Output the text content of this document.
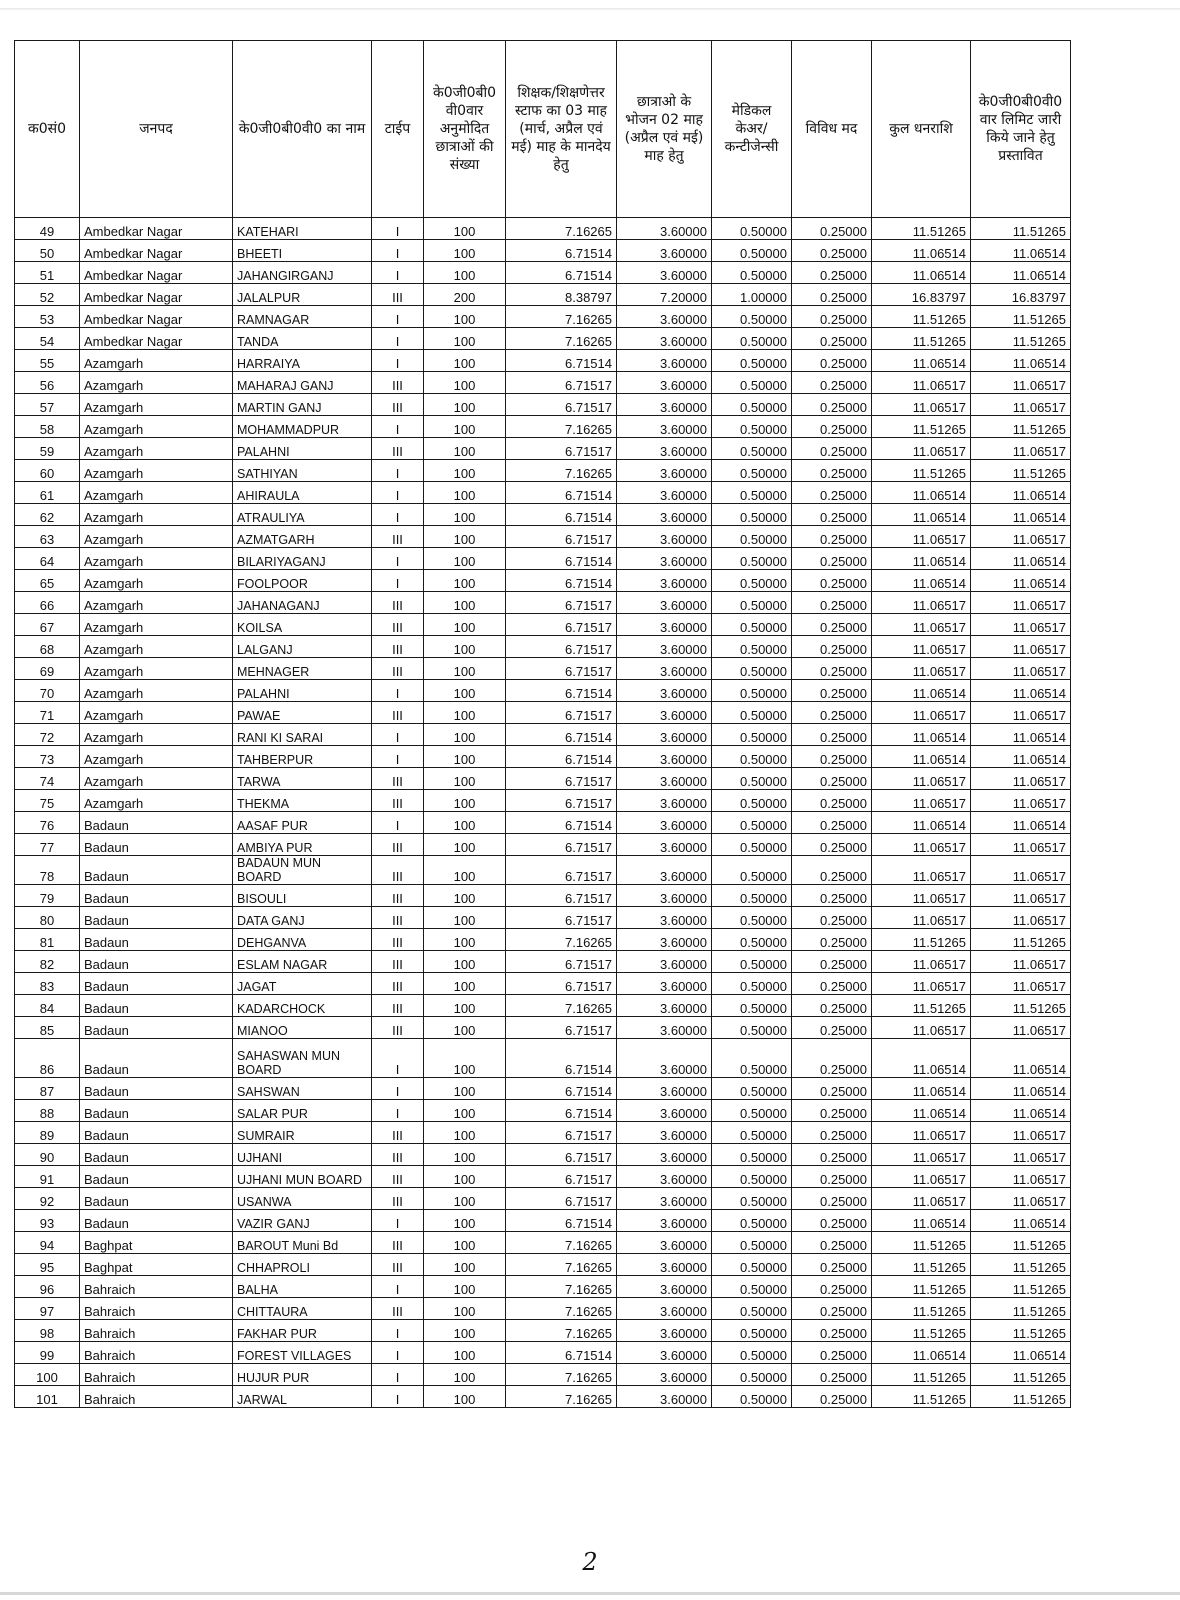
क0सं0	जनपद	के0जी0बी0वी0 का नाम	टाईप	के0जी0बी0 वी0वार अनुमोदित छात्राओं की संख्या	शिक्षक/शिक्षणेत्तर स्टाफ का 03 माह (मार्च, अप्रैल एवं मई) माह के मानदेय हेतु	छात्राओ के भोजन 02 माह (अप्रैल एवं मई) माह हेतु	मेडिकल केअर/ कन्टीजेन्सी	विविध मद	कुल धनराशि	के0जी0बी0वी0 वार लिमिट जारी किये जाने हेतु प्रस्तावित
49	Ambedkar Nagar	KATEHARI	I	100	7.16265	3.60000	0.50000	0.25000	11.51265	11.51265
50	Ambedkar Nagar	BHEETI	I	100	6.71514	3.60000	0.50000	0.25000	11.06514	11.06514
51	Ambedkar Nagar	JAHANGIRGANJ	I	100	6.71514	3.60000	0.50000	0.25000	11.06514	11.06514
52	Ambedkar Nagar	JALALPUR	III	200	8.38797	7.20000	1.00000	0.25000	16.83797	16.83797
53	Ambedkar Nagar	RAMNAGAR	I	100	7.16265	3.60000	0.50000	0.25000	11.51265	11.51265
54	Ambedkar Nagar	TANDA	I	100	7.16265	3.60000	0.50000	0.25000	11.51265	11.51265
55	Azamgarh	HARRAIYA	I	100	6.71514	3.60000	0.50000	0.25000	11.06514	11.06514
56	Azamgarh	MAHARAJ GANJ	III	100	6.71517	3.60000	0.50000	0.25000	11.06517	11.06517
57	Azamgarh	MARTIN GANJ	III	100	6.71517	3.60000	0.50000	0.25000	11.06517	11.06517
58	Azamgarh	MOHAMMADPUR	I	100	7.16265	3.60000	0.50000	0.25000	11.51265	11.51265
59	Azamgarh	PALAHNI	III	100	6.71517	3.60000	0.50000	0.25000	11.06517	11.06517
60	Azamgarh	SATHIYAN	I	100	7.16265	3.60000	0.50000	0.25000	11.51265	11.51265
61	Azamgarh	AHIRAULA	I	100	6.71514	3.60000	0.50000	0.25000	11.06514	11.06514
62	Azamgarh	ATRAULIYA	I	100	6.71514	3.60000	0.50000	0.25000	11.06514	11.06514
63	Azamgarh	AZMATGARH	III	100	6.71517	3.60000	0.50000	0.25000	11.06517	11.06517
64	Azamgarh	BILARIYAGANJ	I	100	6.71514	3.60000	0.50000	0.25000	11.06514	11.06514
65	Azamgarh	FOOLPOOR	I	100	6.71514	3.60000	0.50000	0.25000	11.06514	11.06514
66	Azamgarh	JAHANAGANJ	III	100	6.71517	3.60000	0.50000	0.25000	11.06517	11.06517
67	Azamgarh	KOILSA	III	100	6.71517	3.60000	0.50000	0.25000	11.06517	11.06517
68	Azamgarh	LALGANJ	III	100	6.71517	3.60000	0.50000	0.25000	11.06517	11.06517
69	Azamgarh	MEHNAGER	III	100	6.71517	3.60000	0.50000	0.25000	11.06517	11.06517
70	Azamgarh	PALAHNI	I	100	6.71514	3.60000	0.50000	0.25000	11.06514	11.06514
71	Azamgarh	PAWAE	III	100	6.71517	3.60000	0.50000	0.25000	11.06517	11.06517
72	Azamgarh	RANI KI SARAI	I	100	6.71514	3.60000	0.50000	0.25000	11.06514	11.06514
73	Azamgarh	TAHBERPUR	I	100	6.71514	3.60000	0.50000	0.25000	11.06514	11.06514
74	Azamgarh	TARWA	III	100	6.71517	3.60000	0.50000	0.25000	11.06517	11.06517
75	Azamgarh	THEKMA	III	100	6.71517	3.60000	0.50000	0.25000	11.06517	11.06517
76	Badaun	AASAF PUR	I	100	6.71514	3.60000	0.50000	0.25000	11.06514	11.06514
77	Badaun	AMBIYA PUR	III	100	6.71517	3.60000	0.50000	0.25000	11.06517	11.06517
78	Badaun	BADAUN MUN BOARD	III	100	6.71517	3.60000	0.50000	0.25000	11.06517	11.06517
79	Badaun	BISOULI	III	100	6.71517	3.60000	0.50000	0.25000	11.06517	11.06517
80	Badaun	DATA GANJ	III	100	6.71517	3.60000	0.50000	0.25000	11.06517	11.06517
81	Badaun	DEHGANVA	III	100	7.16265	3.60000	0.50000	0.25000	11.51265	11.51265
82	Badaun	ESLAM NAGAR	III	100	6.71517	3.60000	0.50000	0.25000	11.06517	11.06517
83	Badaun	JAGAT	III	100	6.71517	3.60000	0.50000	0.25000	11.06517	11.06517
84	Badaun	KADARCHOCK	III	100	7.16265	3.60000	0.50000	0.25000	11.51265	11.51265
85	Badaun	MIANOO	III	100	6.71517	3.60000	0.50000	0.25000	11.06517	11.06517
86	Badaun	SAHASWAN MUN BOARD	I	100	6.71514	3.60000	0.50000	0.25000	11.06514	11.06514
87	Badaun	SAHSWAN	I	100	6.71514	3.60000	0.50000	0.25000	11.06514	11.06514
88	Badaun	SALAR PUR	I	100	6.71514	3.60000	0.50000	0.25000	11.06514	11.06514
89	Badaun	SUMRAIR	III	100	6.71517	3.60000	0.50000	0.25000	11.06517	11.06517
90	Badaun	UJHANI	III	100	6.71517	3.60000	0.50000	0.25000	11.06517	11.06517
91	Badaun	UJHANI MUN BOARD	III	100	6.71517	3.60000	0.50000	0.25000	11.06517	11.06517
92	Badaun	USANWA	III	100	6.71517	3.60000	0.50000	0.25000	11.06517	11.06517
93	Badaun	VAZIR GANJ	I	100	6.71514	3.60000	0.50000	0.25000	11.06514	11.06514
94	Baghpat	BAROUT Muni Bd	III	100	7.16265	3.60000	0.50000	0.25000	11.51265	11.51265
95	Baghpat	CHHAPROLI	III	100	7.16265	3.60000	0.50000	0.25000	11.51265	11.51265
96	Bahraich	BALHA	I	100	7.16265	3.60000	0.50000	0.25000	11.51265	11.51265
97	Bahraich	CHITTAURA	III	100	7.16265	3.60000	0.50000	0.25000	11.51265	11.51265
98	Bahraich	FAKHAR PUR	I	100	7.16265	3.60000	0.50000	0.25000	11.51265	11.51265
99	Bahraich	FOREST VILLAGES	I	100	6.71514	3.60000	0.50000	0.25000	11.06514	11.06514
100	Bahraich	HUJUR PUR	I	100	7.16265	3.60000	0.50000	0.25000	11.51265	11.51265
101	Bahraich	JARWAL	I	100	7.16265	3.60000	0.50000	0.25000	11.51265	11.51265
2
